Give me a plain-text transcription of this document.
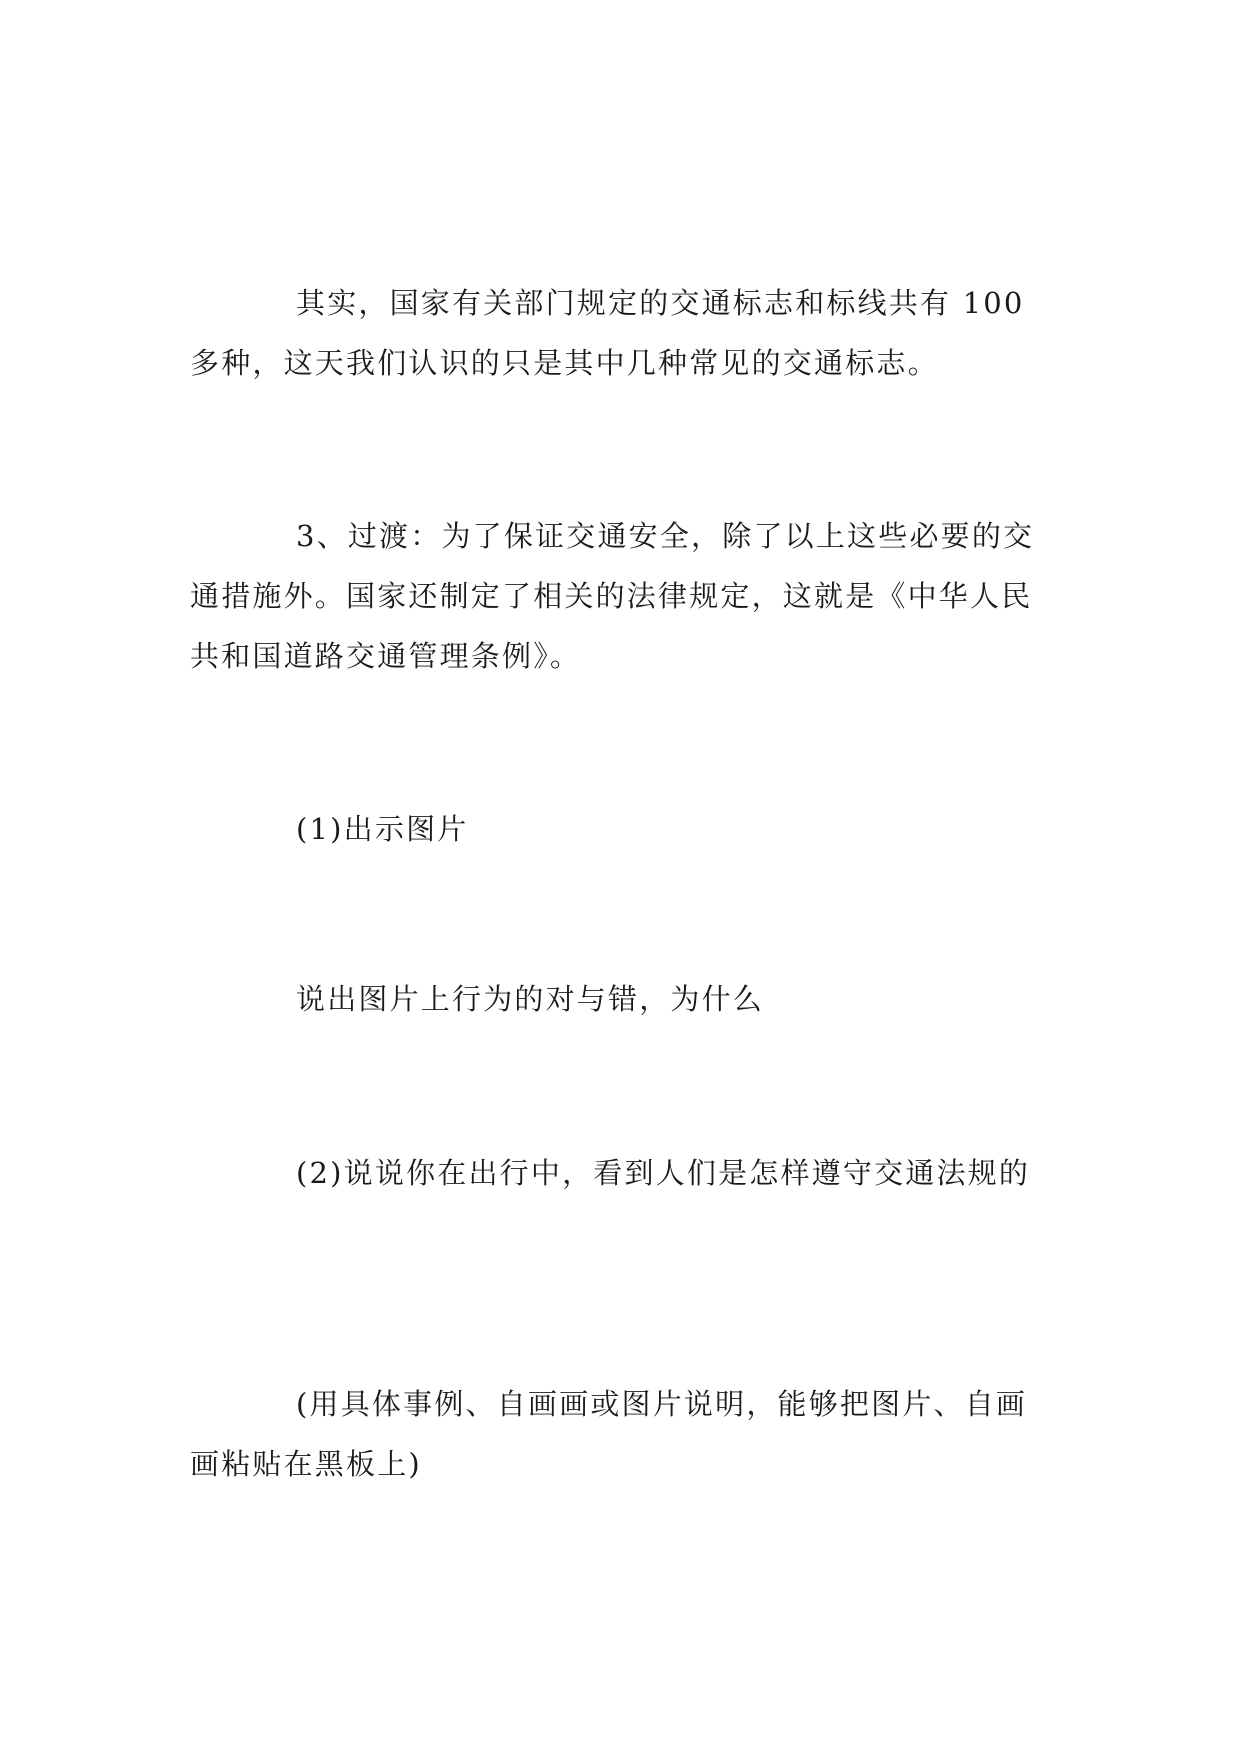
其实，国家有关部门规定的交通标志和标线共有 100 多种，这天我们认识的只是其中几种常见的交通标志。

3、过渡：为了保证交通安全，除了以上这些必要的交通措施外。国家还制定了相关的法律规定，这就是《中华人民共和国道路交通管理条例》。

(1)出示图片

说出图片上行为的对与错，为什么

(2)说说你在出行中，看到人们是怎样遵守交通法规的

(用具体事例、自画画或图片说明，能够把图片、自画画粘贴在黑板上)
